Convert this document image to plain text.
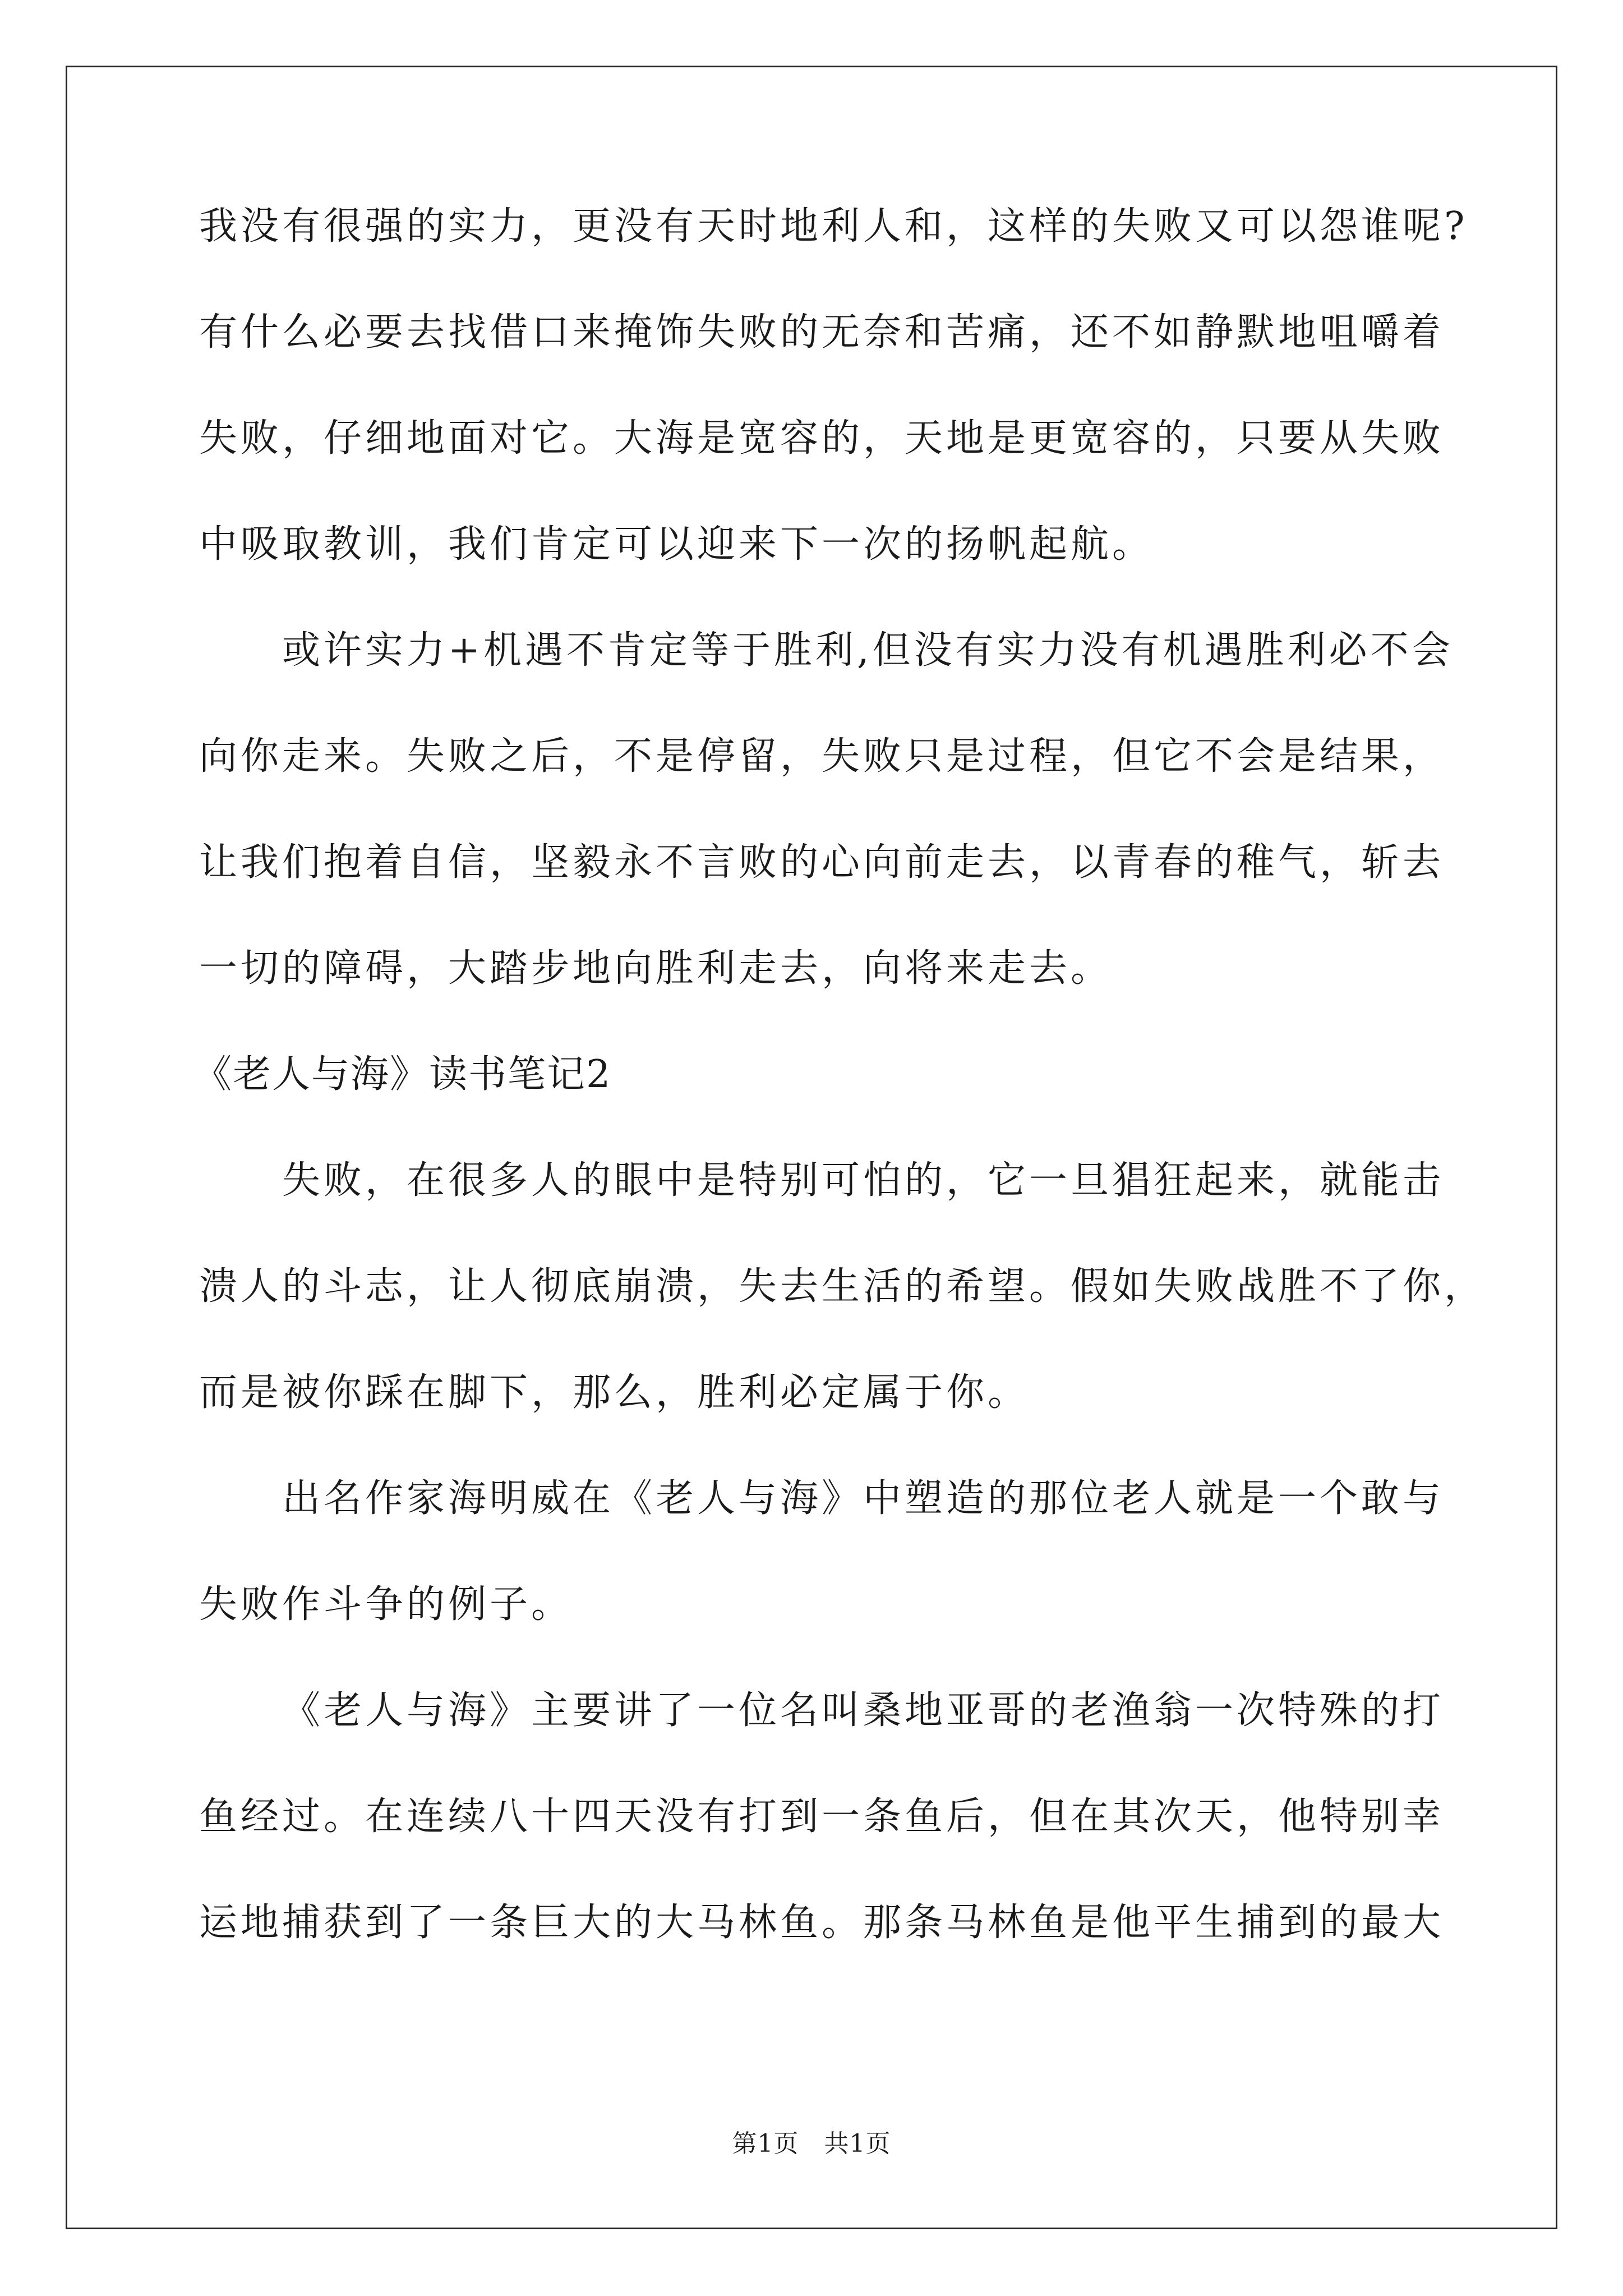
我没有很强的实力，更没有天时地利人和，这样的失败又可以怨谁呢?
有什么必要去找借口来掩饰失败的无奈和苦痛，还不如静默地咀嚼着
失败，仔细地面对它。大海是宽容的，天地是更宽容的，只要从失败
中吸取教训，我们肯定可以迎来下一次的扬帆起航。
或许实力+机遇不肯定等于胜利,但没有实力没有机遇胜利必不会
向你走来。失败之后，不是停留，失败只是过程，但它不会是结果，
让我们抱着自信，坚毅永不言败的心向前走去，以青春的稚气，斩去
一切的障碍，大踏步地向胜利走去，向将来走去。
《老人与海》读书笔记2
失败，在很多人的眼中是特别可怕的，它一旦猖狂起来，就能击
溃人的斗志，让人彻底崩溃，失去生活的希望。假如失败战胜不了你，
而是被你踩在脚下，那么，胜利必定属于你。
出名作家海明威在《老人与海》中塑造的那位老人就是一个敢与
失败作斗争的例子。
《老人与海》主要讲了一位名叫桑地亚哥的老渔翁一次特殊的打
鱼经过。在连续八十四天没有打到一条鱼后，但在其次天，他特别幸
运地捕获到了一条巨大的大马林鱼。那条马林鱼是他平生捕到的最大
第1页　共1页
